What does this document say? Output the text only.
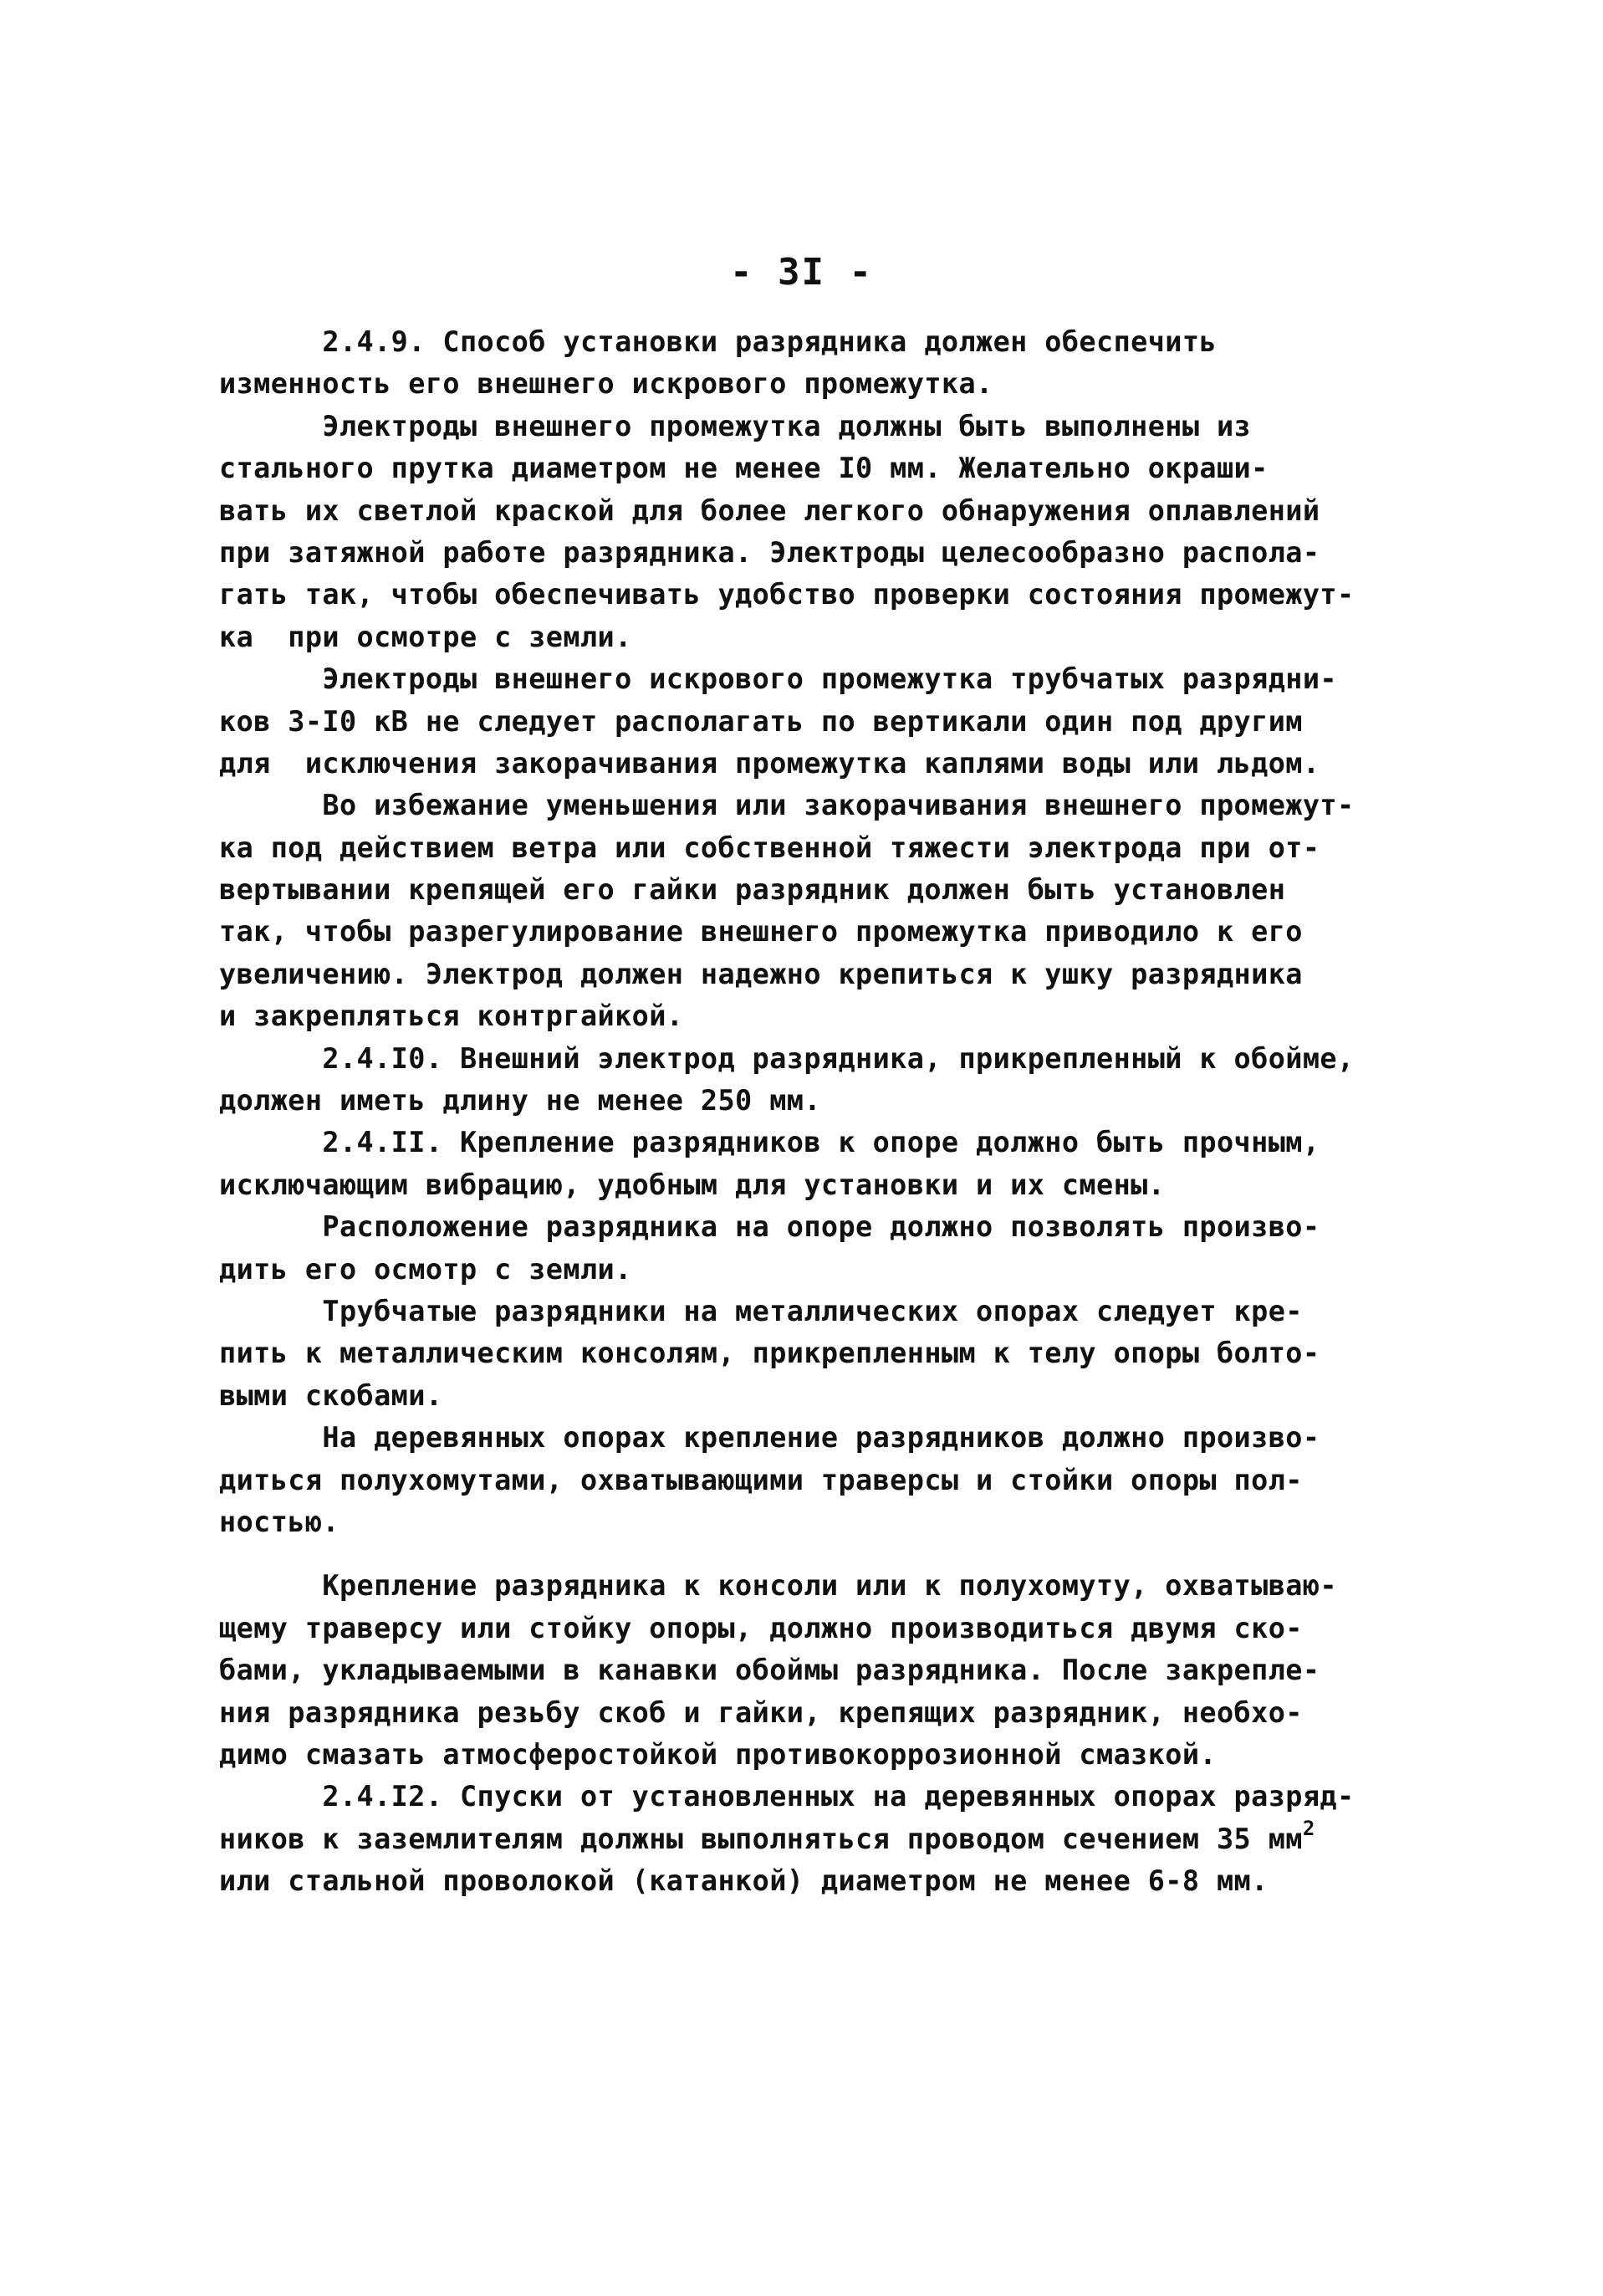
- 3I -
2.4.9. Способ установки разрядника должен обеспечить
изменность его внешнего искрового промежутка.
Электроды внешнего промежутка должны быть выполнены из
стального прутка диаметром не менее I0 мм. Желательно окраши-
вать их светлой краской для более легкого обнаружения оплавлений
при затяжной работе разрядника. Электроды целесообразно распола-
гать так, чтобы обеспечивать удобство проверки состояния промежут-
ка  при осмотре с земли.
Электроды внешнего искрового промежутка трубчатых разрядни-
ков 3-I0 кВ не следует располагать по вертикали один под другим
для  исключения закорачивания промежутка каплями воды или льдом.
Во избежание уменьшения или закорачивания внешнего промежут-
ка под действием ветра или собственной тяжести электрода при от-
вертывании крепящей его гайки разрядник должен быть установлен
так, чтобы разрегулирование внешнего промежутка приводило к его
увеличению. Электрод должен надежно крепиться к ушку разрядника
и закрепляться контргайкой.
2.4.I0. Внешний электрод разрядника, прикрепленный к обойме,
должен иметь длину не менее 250 мм.
2.4.II. Крепление разрядников к опоре должно быть прочным,
исключающим вибрацию, удобным для установки и их смены.
Расположение разрядника на опоре должно позволять произво-
дить его осмотр с земли.
Трубчатые разрядники на металлических опорах следует кре-
пить к металлическим консолям, прикрепленным к телу опоры болто-
выми скобами.
На деревянных опорах крепление разрядников должно произво-
диться полухомутами, охватывающими траверсы и стойки опоры пол-
ностью.
Крепление разрядника к консоли или к полухомуту, охватываю-
щему траверсу или стойку опоры, должно производиться двумя ско-
бами, укладываемыми в канавки обоймы разрядника. После закрепле-
ния разрядника резьбу скоб и гайки, крепящих разрядник, необхо-
димо смазать атмосферостойкой противокоррозионной смазкой.
2.4.I2. Спуски от установленных на деревянных опорах разряд-
ников к заземлителям должны выполняться проводом сечением 35 $мм^2$
или стальной проволокой (катанкой) диаметром не менее 6-8 мм.
